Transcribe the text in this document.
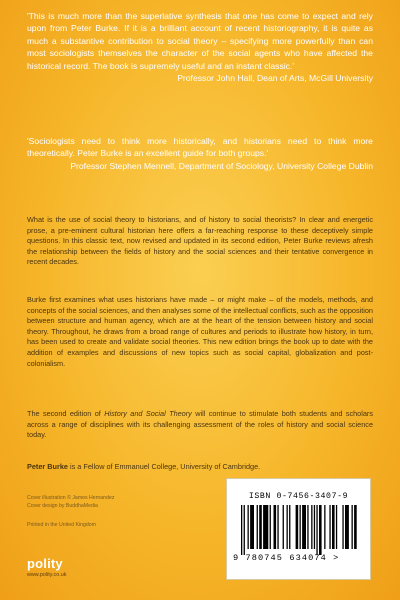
'This is much more than the superlative synthesis that one has come to expect and rely upon from Peter Burke. If it is a brilliant account of recent historiography, it is quite as much a substantive contribution to social theory – specifying more powerfully than can most sociologists themselves the character of the social agents who have affected the historical record. The book is supremely useful and an instant classic.'

Professor John Hall, Dean of Arts, McGill University

'Sociologists need to think more historically, and historians need to think more theoretically. Peter Burke is an excellent guide for both groups.'

Professor Stephen Mennell, Department of Sociology, University College Dublin

What is the use of social theory to historians, and of history to social theorists? In clear and energetic prose, a pre-eminent cultural historian here offers a far-reaching response to these deceptively simple questions. In this classic text, now revised and updated in its second edition, Peter Burke reviews afresh the relationship between the fields of history and the social sciences and their tentative convergence in recent decades.

Burke first examines what uses historians have made – or might make – of the models, methods, and concepts of the social sciences, and then analyses some of the intellectual conflicts, such as the opposition between structure and human agency, which are at the heart of the tension between history and social theory. Throughout, he draws from a broad range of cultures and periods to illustrate how history, in turn, has been used to create and validate social theories. This new edition brings the book up to date with the addition of examples and discussions of new topics such as social capital, globalization and post-colonialism.

The second edition of History and Social Theory will continue to stimulate both students and scholars across a range of disciplines with its challenging assessment of the roles of history and social science today.

Peter Burke is a Fellow of Emmanuel College, University of Cambridge.

Cover illustration © James Hernandez
Cover design by BuddhaMedia
Printed in the United Kingdom
polity
www.polity.co.uk
ISBN 0-7456-3407-9
9 780745 634074 >
